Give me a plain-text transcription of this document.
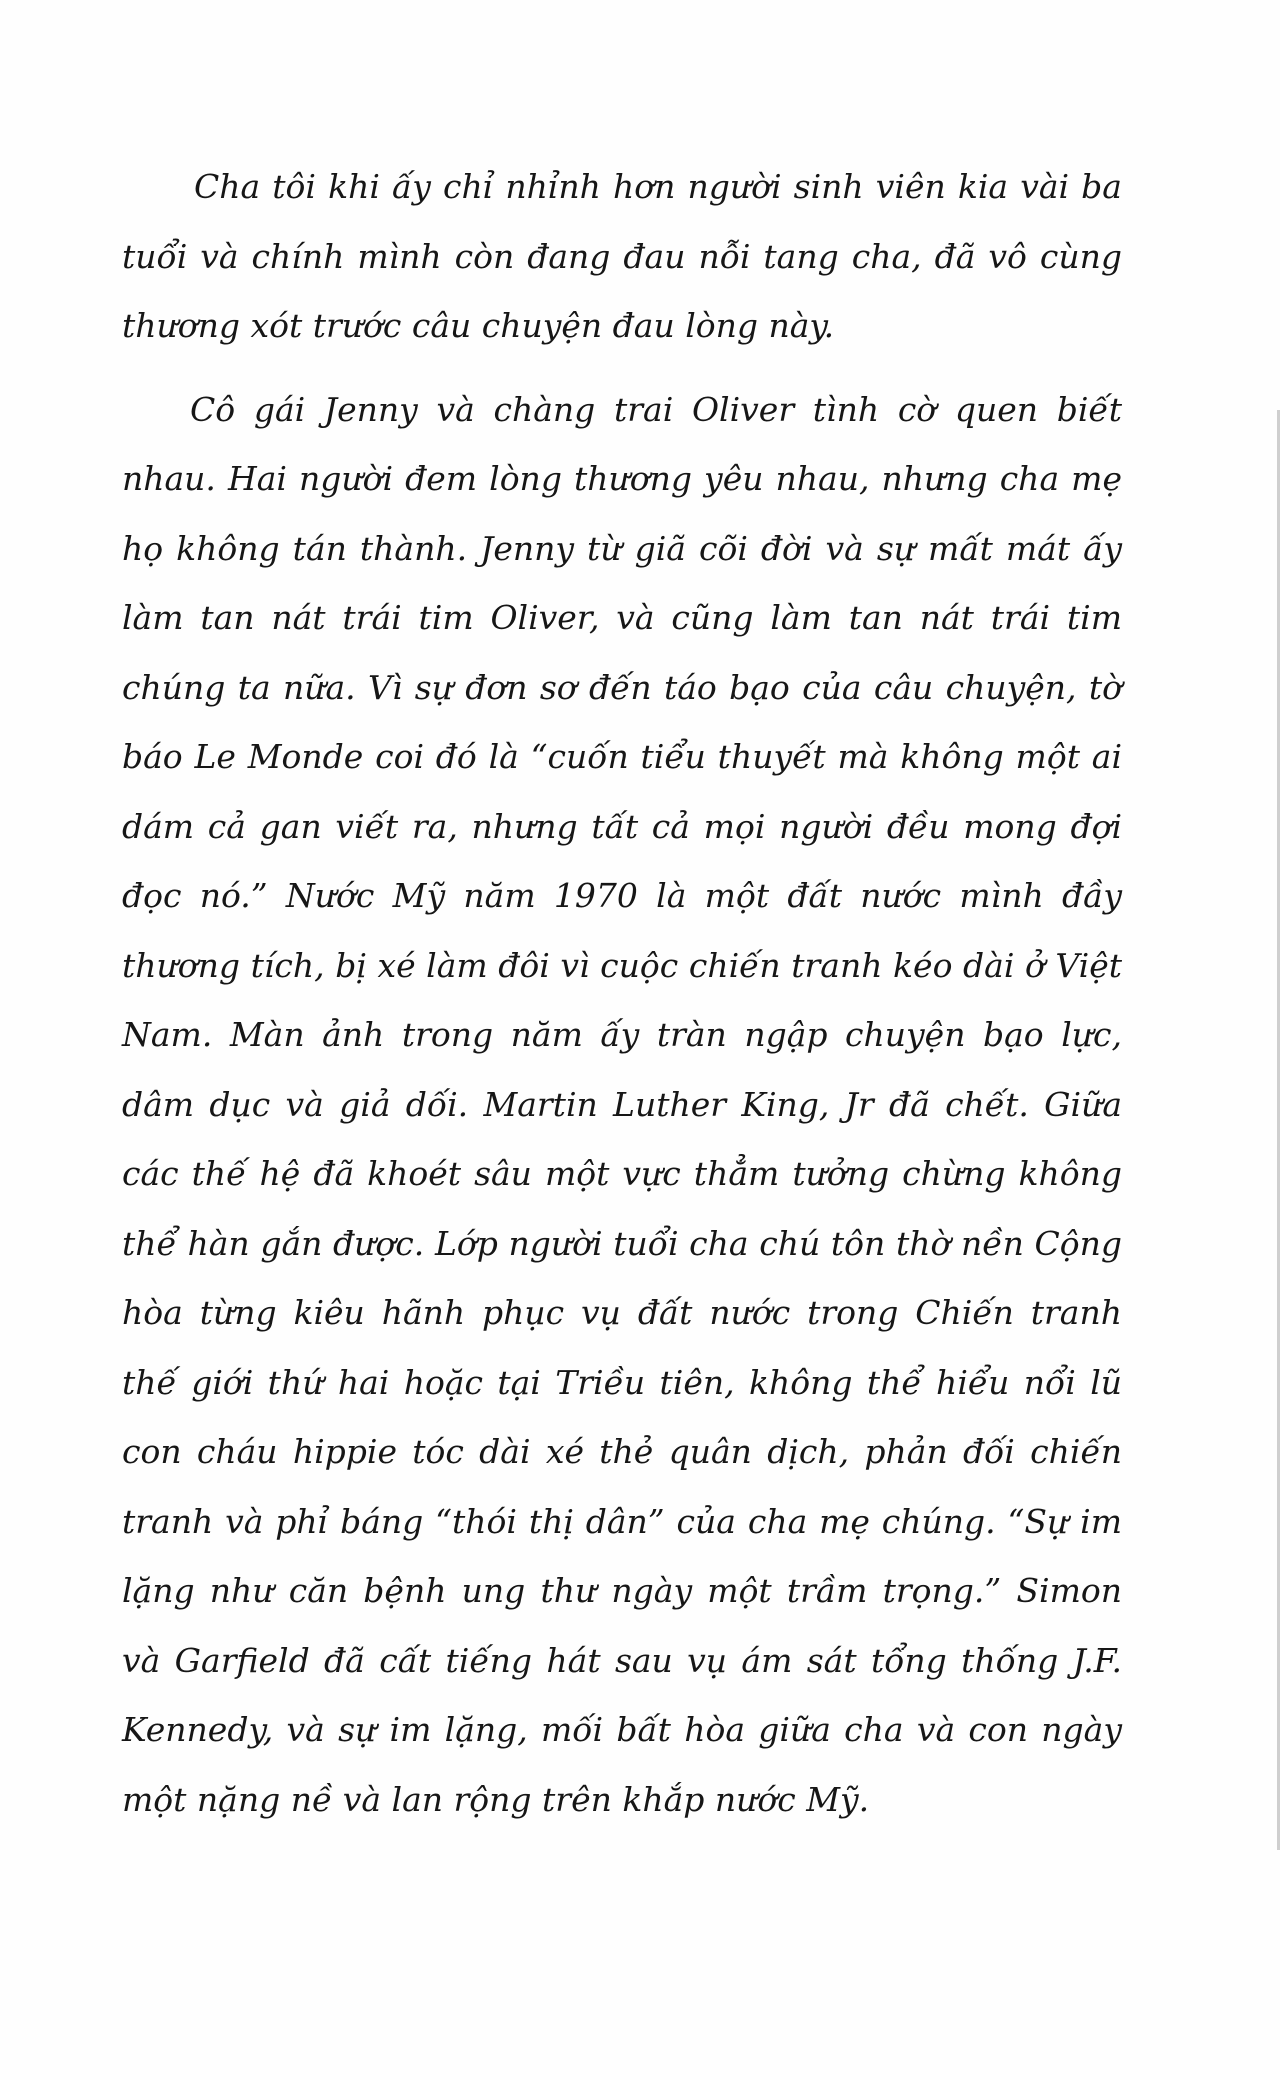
Cha tôi khi ấy chỉ nhỉnh hơn người sinh viên kia vài ba tuổi và chính mình còn đang đau nỗi tang cha, đã vô cùng thương xót trước câu chuyện đau lòng này.

Cô gái Jenny và chàng trai Oliver tình cờ quen biết nhau. Hai người đem lòng thương yêu nhau, nhưng cha mẹ họ không tán thành. Jenny từ giã cõi đời và sự mất mát ấy làm tan nát trái tim Oliver, và cũng làm tan nát trái tim chúng ta nữa. Vì sự đơn sơ đến táo bạo của câu chuyện, tờ báo Le Monde coi đó là “cuốn tiểu thuyết mà không một ai dám cả gan viết ra, nhưng tất cả mọi người đều mong đợi đọc nó.” Nước Mỹ năm 1970 là một đất nước mình đầy thương tích, bị xé làm đôi vì cuộc chiến tranh kéo dài ở Việt Nam. Màn ảnh trong năm ấy tràn ngập chuyện bạo lực, dâm dục và giả dối. Martin Luther King, Jr đã chết. Giữa các thế hệ đã khoét sâu một vực thẳm tưởng chừng không thể hàn gắn được. Lớp người tuổi cha chú tôn thờ nền Cộng hòa từng kiêu hãnh phục vụ đất nước trong Chiến tranh thế giới thứ hai hoặc tại Triều tiên, không thể hiểu nổi lũ con cháu hippie tóc dài xé thẻ quân dịch, phản đối chiến tranh và phỉ báng “thói thị dân” của cha mẹ chúng. “Sự im lặng như căn bệnh ung thư ngày một trầm trọng.” Simon và Garfield đã cất tiếng hát sau vụ ám sát tổng thống J.F. Kennedy, và sự im lặng, mối bất hòa giữa cha và con ngày một nặng nề và lan rộng trên khắp nước Mỹ.
